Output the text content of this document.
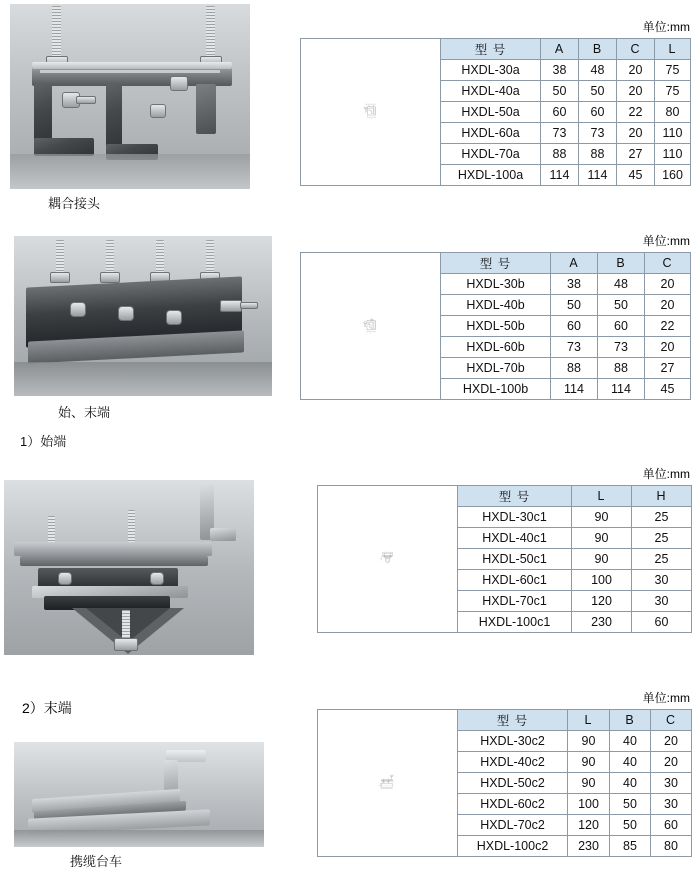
耦合接头
始、末端
1）始端
携缆台车
2）末端
单位:mm
L
C
A
B	型 号	A	B	C	L
	HXDL-30a	38	48	20	75
	HXDL-40a	50	50	20	75
	HXDL-50a	60	60	22	80
	HXDL-60a	73	73	20	110
	HXDL-70a	88	88	27	110
	HXDL-100a	114	114	45	160
单位:mm
C
A
B	型 号	A	B	C
	HXDL-30b	38	48	20
	HXDL-40b	50	50	20
	HXDL-50b	60	60	22
	HXDL-60b	73	73	20
	HXDL-70b	88	88	27
	HXDL-100b	114	114	45
单位:mm
L
H	型 号	L	H
	HXDL-30c1	90	25
	HXDL-40c1	90	25
	HXDL-50c1	90	25
	HXDL-60c1	100	30
	HXDL-70c1	120	30
	HXDL-100c1	230	60
单位:mm
B
C
L	型 号	L	B	C
	HXDL-30c2	90	40	20
	HXDL-40c2	90	40	20
	HXDL-50c2	90	40	30
	HXDL-60c2	100	50	30
	HXDL-70c2	120	50	60
	HXDL-100c2	230	85	80
